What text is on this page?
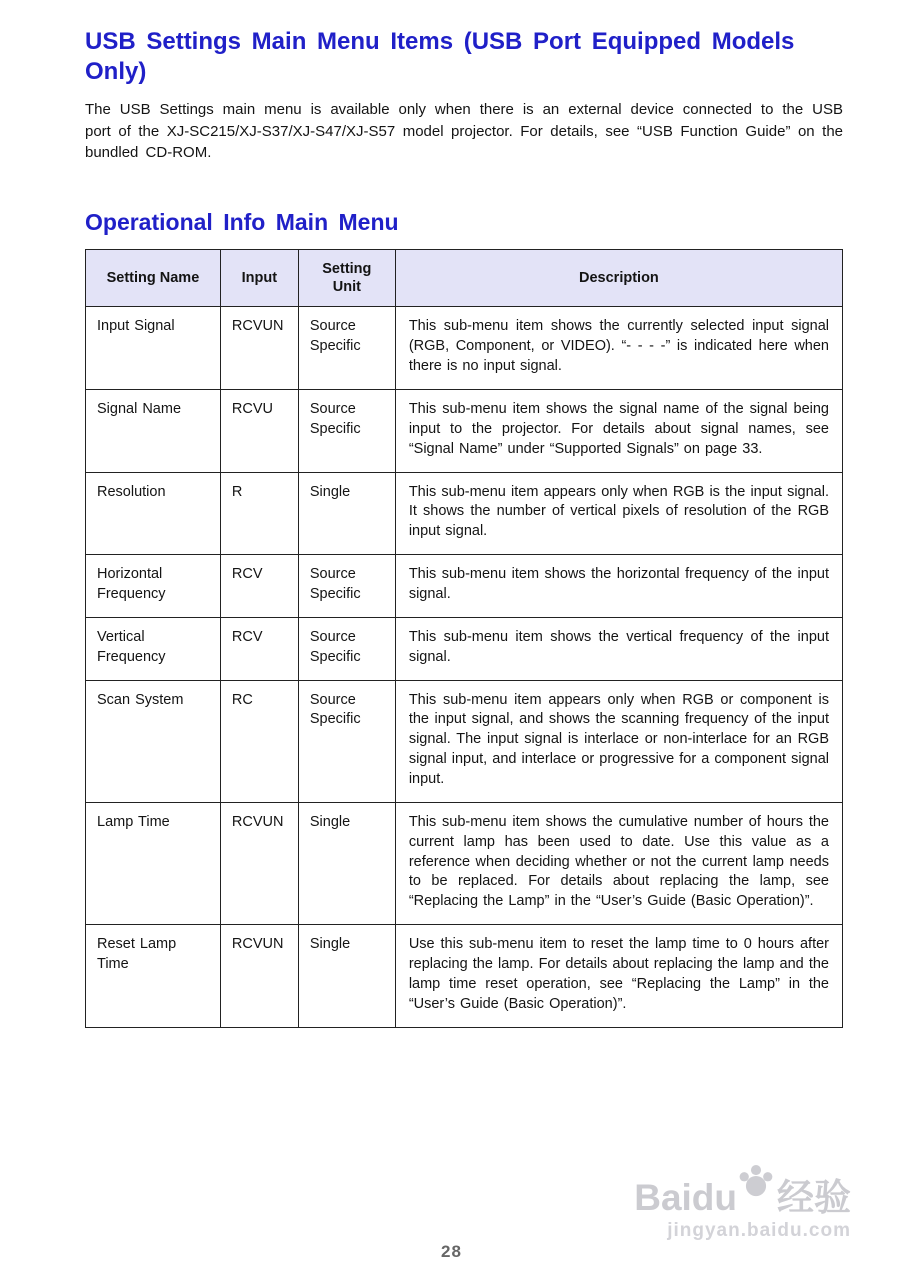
USB Settings Main Menu Items (USB Port Equipped Models Only)

The USB Settings main menu is available only when there is an external device connected to the USB port of the XJ-SC215/XJ-S37/XJ-S47/XJ-S57 model projector. For details, see “USB Function Guide” on the bundled CD-ROM.

Operational Info Main Menu
Setting Name	Input	Setting Unit	Description
Input Signal	RCVUN	Source Specific	This sub-menu item shows the currently selected input signal (RGB, Component, or VIDEO). “- - - -” is indicated here when there is no input signal.
Signal Name	RCVU	Source Specific	This sub-menu item shows the signal name of the signal being input to the projector. For details about signal names, see “Signal Name” under “Supported Signals” on page 33.
Resolution	R	Single	This sub-menu item appears only when RGB is the input signal. It shows the number of vertical pixels of resolution of the RGB input signal.
Horizontal Frequency	RCV	Source Specific	This sub-menu item shows the horizontal frequency of the input signal.
Vertical Frequency	RCV	Source Specific	This sub-menu item shows the vertical frequency of the input signal.
Scan System	RC	Source Specific	This sub-menu item appears only when RGB or component is the input signal, and shows the scanning frequency of the input signal. The input signal is interlace or non-interlace for an RGB signal input, and interlace or progressive for a component signal input.
Lamp Time	RCVUN	Single	This sub-menu item shows the cumulative number of hours the current lamp has been used to date. Use this value as a reference when deciding whether or not the current lamp needs to be replaced. For details about replacing the lamp, see “Replacing the Lamp” in the “User’s Guide (Basic Operation)”.
Reset Lamp Time	RCVUN	Single	Use this sub-menu item to reset the lamp time to 0 hours after replacing the lamp. For details about replacing the lamp and the lamp time reset operation, see “Replacing the Lamp” in the “User’s Guide (Basic Operation)”.
Baidu 经验
jingyan.baidu.com
28
